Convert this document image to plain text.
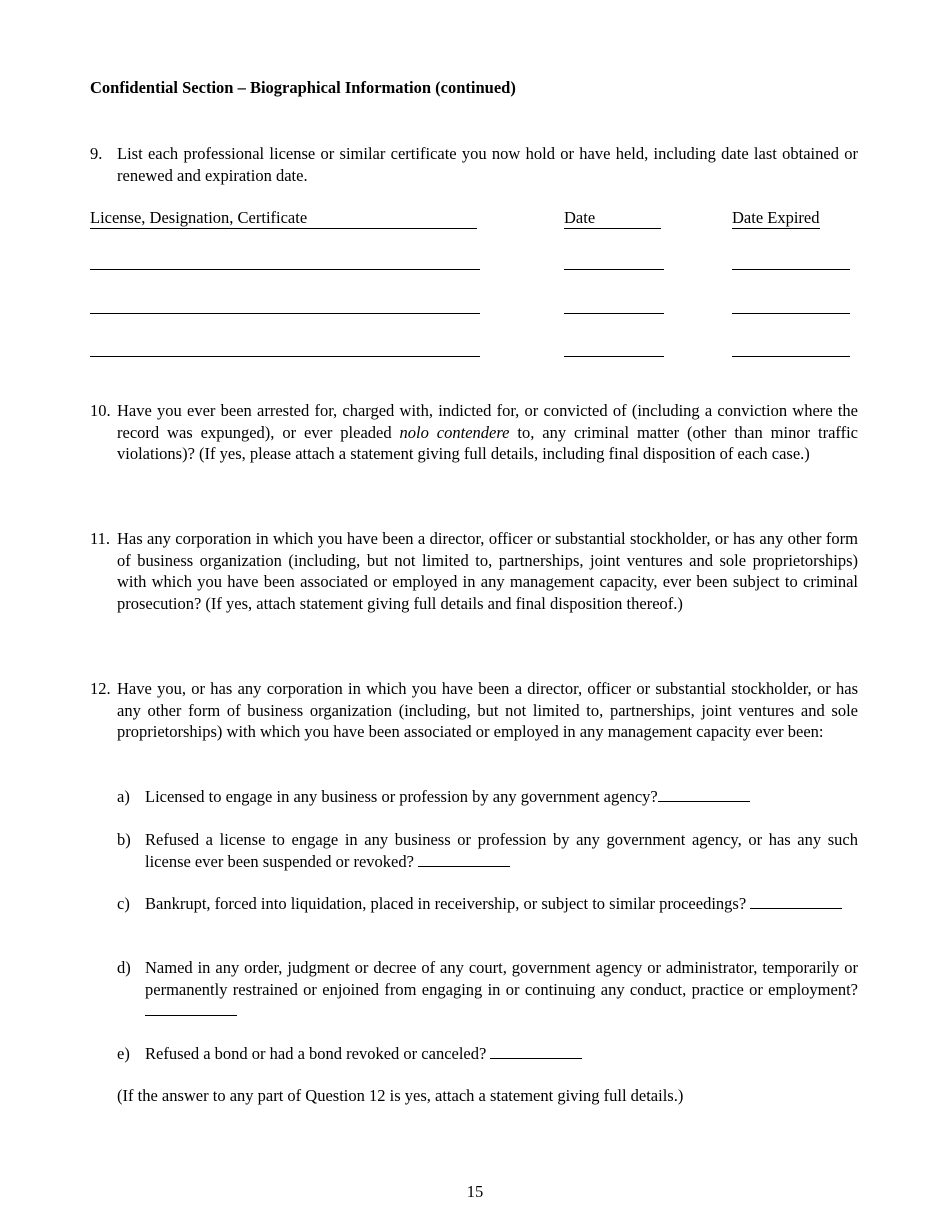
Confidential Section – Biographical Information (continued)
9. List each professional license or similar certificate you now hold or have held, including date last obtained or renewed and expiration date.
License, Designation, Certificate	Date	Date Expired
10. Have you ever been arrested for, charged with, indicted for, or convicted of (including a conviction where the record was expunged), or ever pleaded nolo contendere to, any criminal matter (other than minor traffic violations)? (If yes, please attach a statement giving full details, including final disposition of each case.)
11. Has any corporation in which you have been a director, officer or substantial stockholder, or has any other form of business organization (including, but not limited to, partnerships, joint ventures and sole proprietorships) with which you have been associated or employed in any management capacity, ever been subject to criminal prosecution? (If yes, attach statement giving full details and final disposition thereof.)
12. Have you, or has any corporation in which you have been a director, officer or substantial stockholder, or has any other form of business organization (including, but not limited to, partnerships, joint ventures and sole proprietorships) with which you have been associated or employed in any management capacity ever been:
a) Licensed to engage in any business or profession by any government agency?
b) Refused a license to engage in any business or profession by any government agency, or has any such license ever been suspended or revoked?
c) Bankrupt, forced into liquidation, placed in receivership, or subject to similar proceedings?
d) Named in any order, judgment or decree of any court, government agency or administrator, temporarily or permanently restrained or enjoined from engaging in or continuing any conduct, practice or employment?
e) Refused a bond or had a bond revoked or canceled?
(If the answer to any part of Question 12 is yes, attach a statement giving full details.)
15
